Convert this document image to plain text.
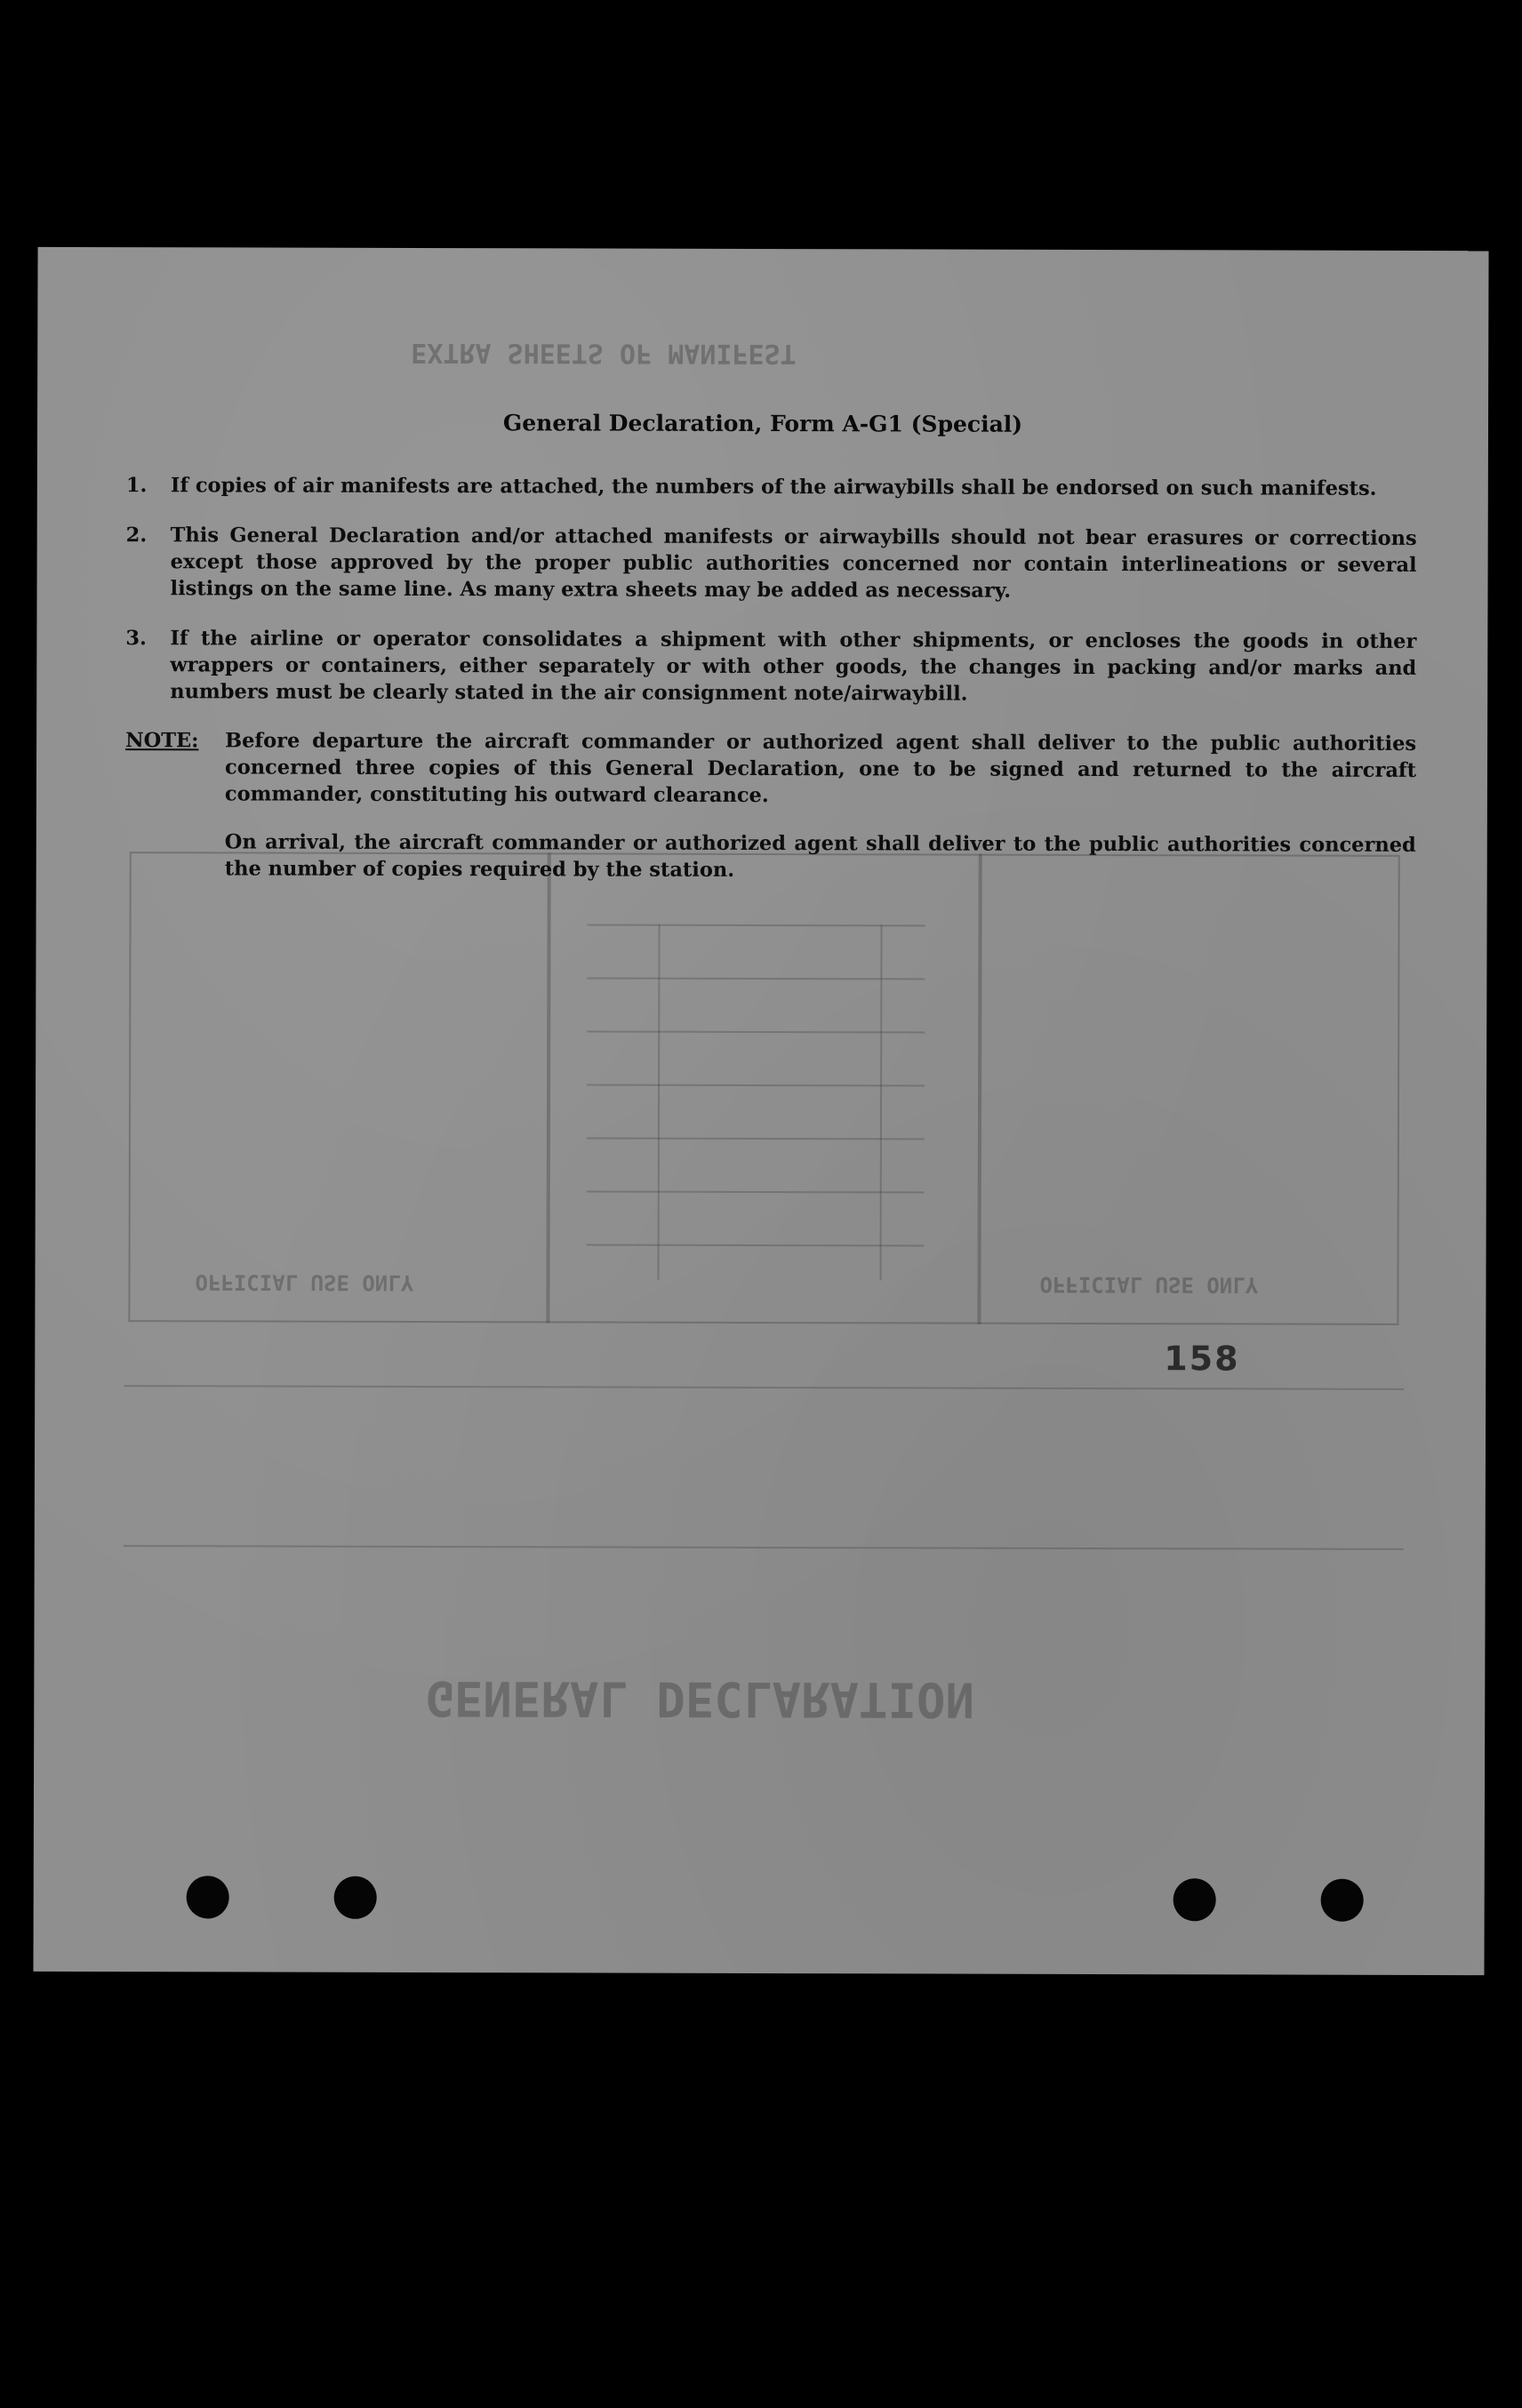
EXTRA SHEETS OF MANIFEST
OFFICIAL USE ONLY	OFFICIAL USE ONLY
GENERAL DECLARATION
General Declaration, Form A-G1 (Special)
1.	If copies of air manifests are attached, the numbers of the airwaybills shall be endorsed on such manifests.
2.	This General Declaration and/or attached manifests or airwaybills should not bear erasures or corrections except those approved by the proper public authorities concerned nor contain interlineations or several listings on the same line. As many extra sheets may be added as necessary.
3.	If the airline or operator consolidates a shipment with other shipments, or encloses the goods in other wrappers or containers, either separately or with other goods, the changes in packing and/or marks and numbers must be clearly stated in the air consignment note/airwaybill.
NOTE: Before departure the aircraft commander or authorized agent shall deliver to the public authorities concerned three copies of this General Declaration, one to be signed and returned to the aircraft commander, constituting his outward clearance.
On arrival, the aircraft commander or authorized agent shall deliver to the public authorities concerned the number of copies required by the station.
158
